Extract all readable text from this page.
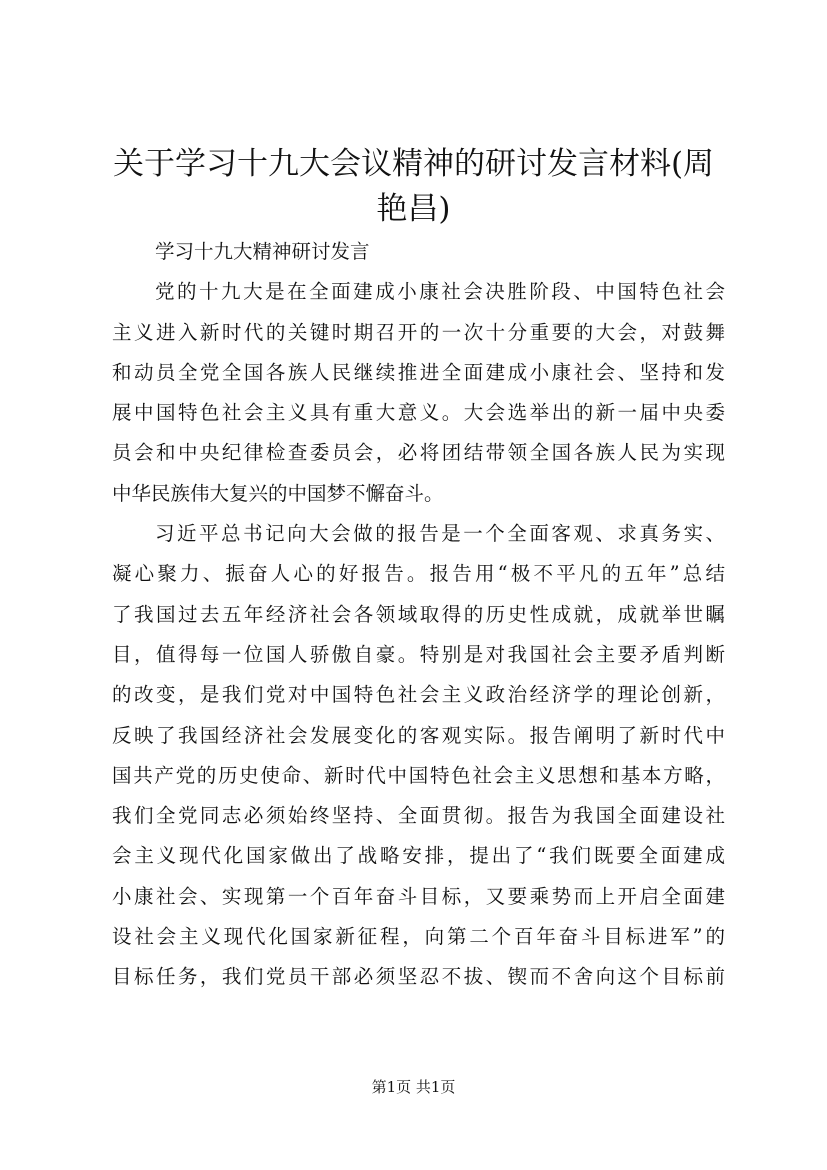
关于学习十九大会议精神的研讨发言材料(周
艳昌)
学习十九大精神研讨发言
党的十九大是在全面建成小康社会决胜阶段、中国特色社会
主义进入新时代的关键时期召开的一次十分重要的大会，对鼓舞
和动员全党全国各族人民继续推进全面建成小康社会、坚持和发
展中国特色社会主义具有重大意义。大会选举出的新一届中央委
员会和中央纪律检查委员会，必将团结带领全国各族人民为实现
中华民族伟大复兴的中国梦不懈奋斗。
习近平总书记向大会做的报告是一个全面客观、求真务实、
凝心聚力、振奋人心的好报告。报告用“极不平凡的五年”总结
了我国过去五年经济社会各领域取得的历史性成就，成就举世瞩
目，值得每一位国人骄傲自豪。特别是对我国社会主要矛盾判断
的改变，是我们党对中国特色社会主义政治经济学的理论创新，
反映了我国经济社会发展变化的客观实际。报告阐明了新时代中
国共产党的历史使命、新时代中国特色社会主义思想和基本方略，
我们全党同志必须始终坚持、全面贯彻。报告为我国全面建设社
会主义现代化国家做出了战略安排，提出了“我们既要全面建成
小康社会、实现第一个百年奋斗目标，又要乘势而上开启全面建
设社会主义现代化国家新征程，向第二个百年奋斗目标进军”的
目标任务，我们党员干部必须坚忍不拔、锲而不舍向这个目标前
第1页 共1页
